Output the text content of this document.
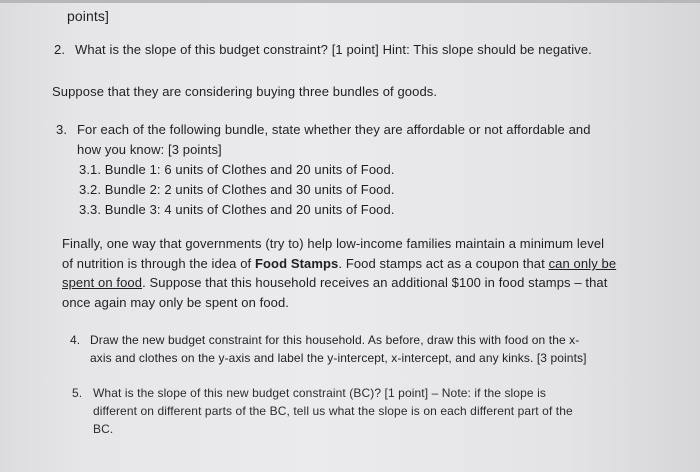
points]
2. What is the slope of this budget constraint? [1 point] Hint: This slope should be negative.
Suppose that they are considering buying three bundles of goods.
3. For each of the following bundle, state whether they are affordable or not affordable and
how you know: [3 points]
3.1. Bundle 1: 6 units of Clothes and 20 units of Food.
3.2. Bundle 2: 2 units of Clothes and 30 units of Food.
3.3. Bundle 3: 4 units of Clothes and 20 units of Food.
Finally, one way that governments (try to) help low-income families maintain a minimum level
of nutrition is through the idea of Food Stamps. Food stamps act as a coupon that can only be
spent on food. Suppose that this household receives an additional $100 in food stamps – that
once again may only be spent on food.
4. Draw the new budget constraint for this household. As before, draw this with food on the x-
axis and clothes on the y-axis and label the y-intercept, x-intercept, and any kinks. [3 points]
5. What is the slope of this new budget constraint (BC)? [1 point] – Note: if the slope is
different on different parts of the BC, tell us what the slope is on each different part of the
BC.
